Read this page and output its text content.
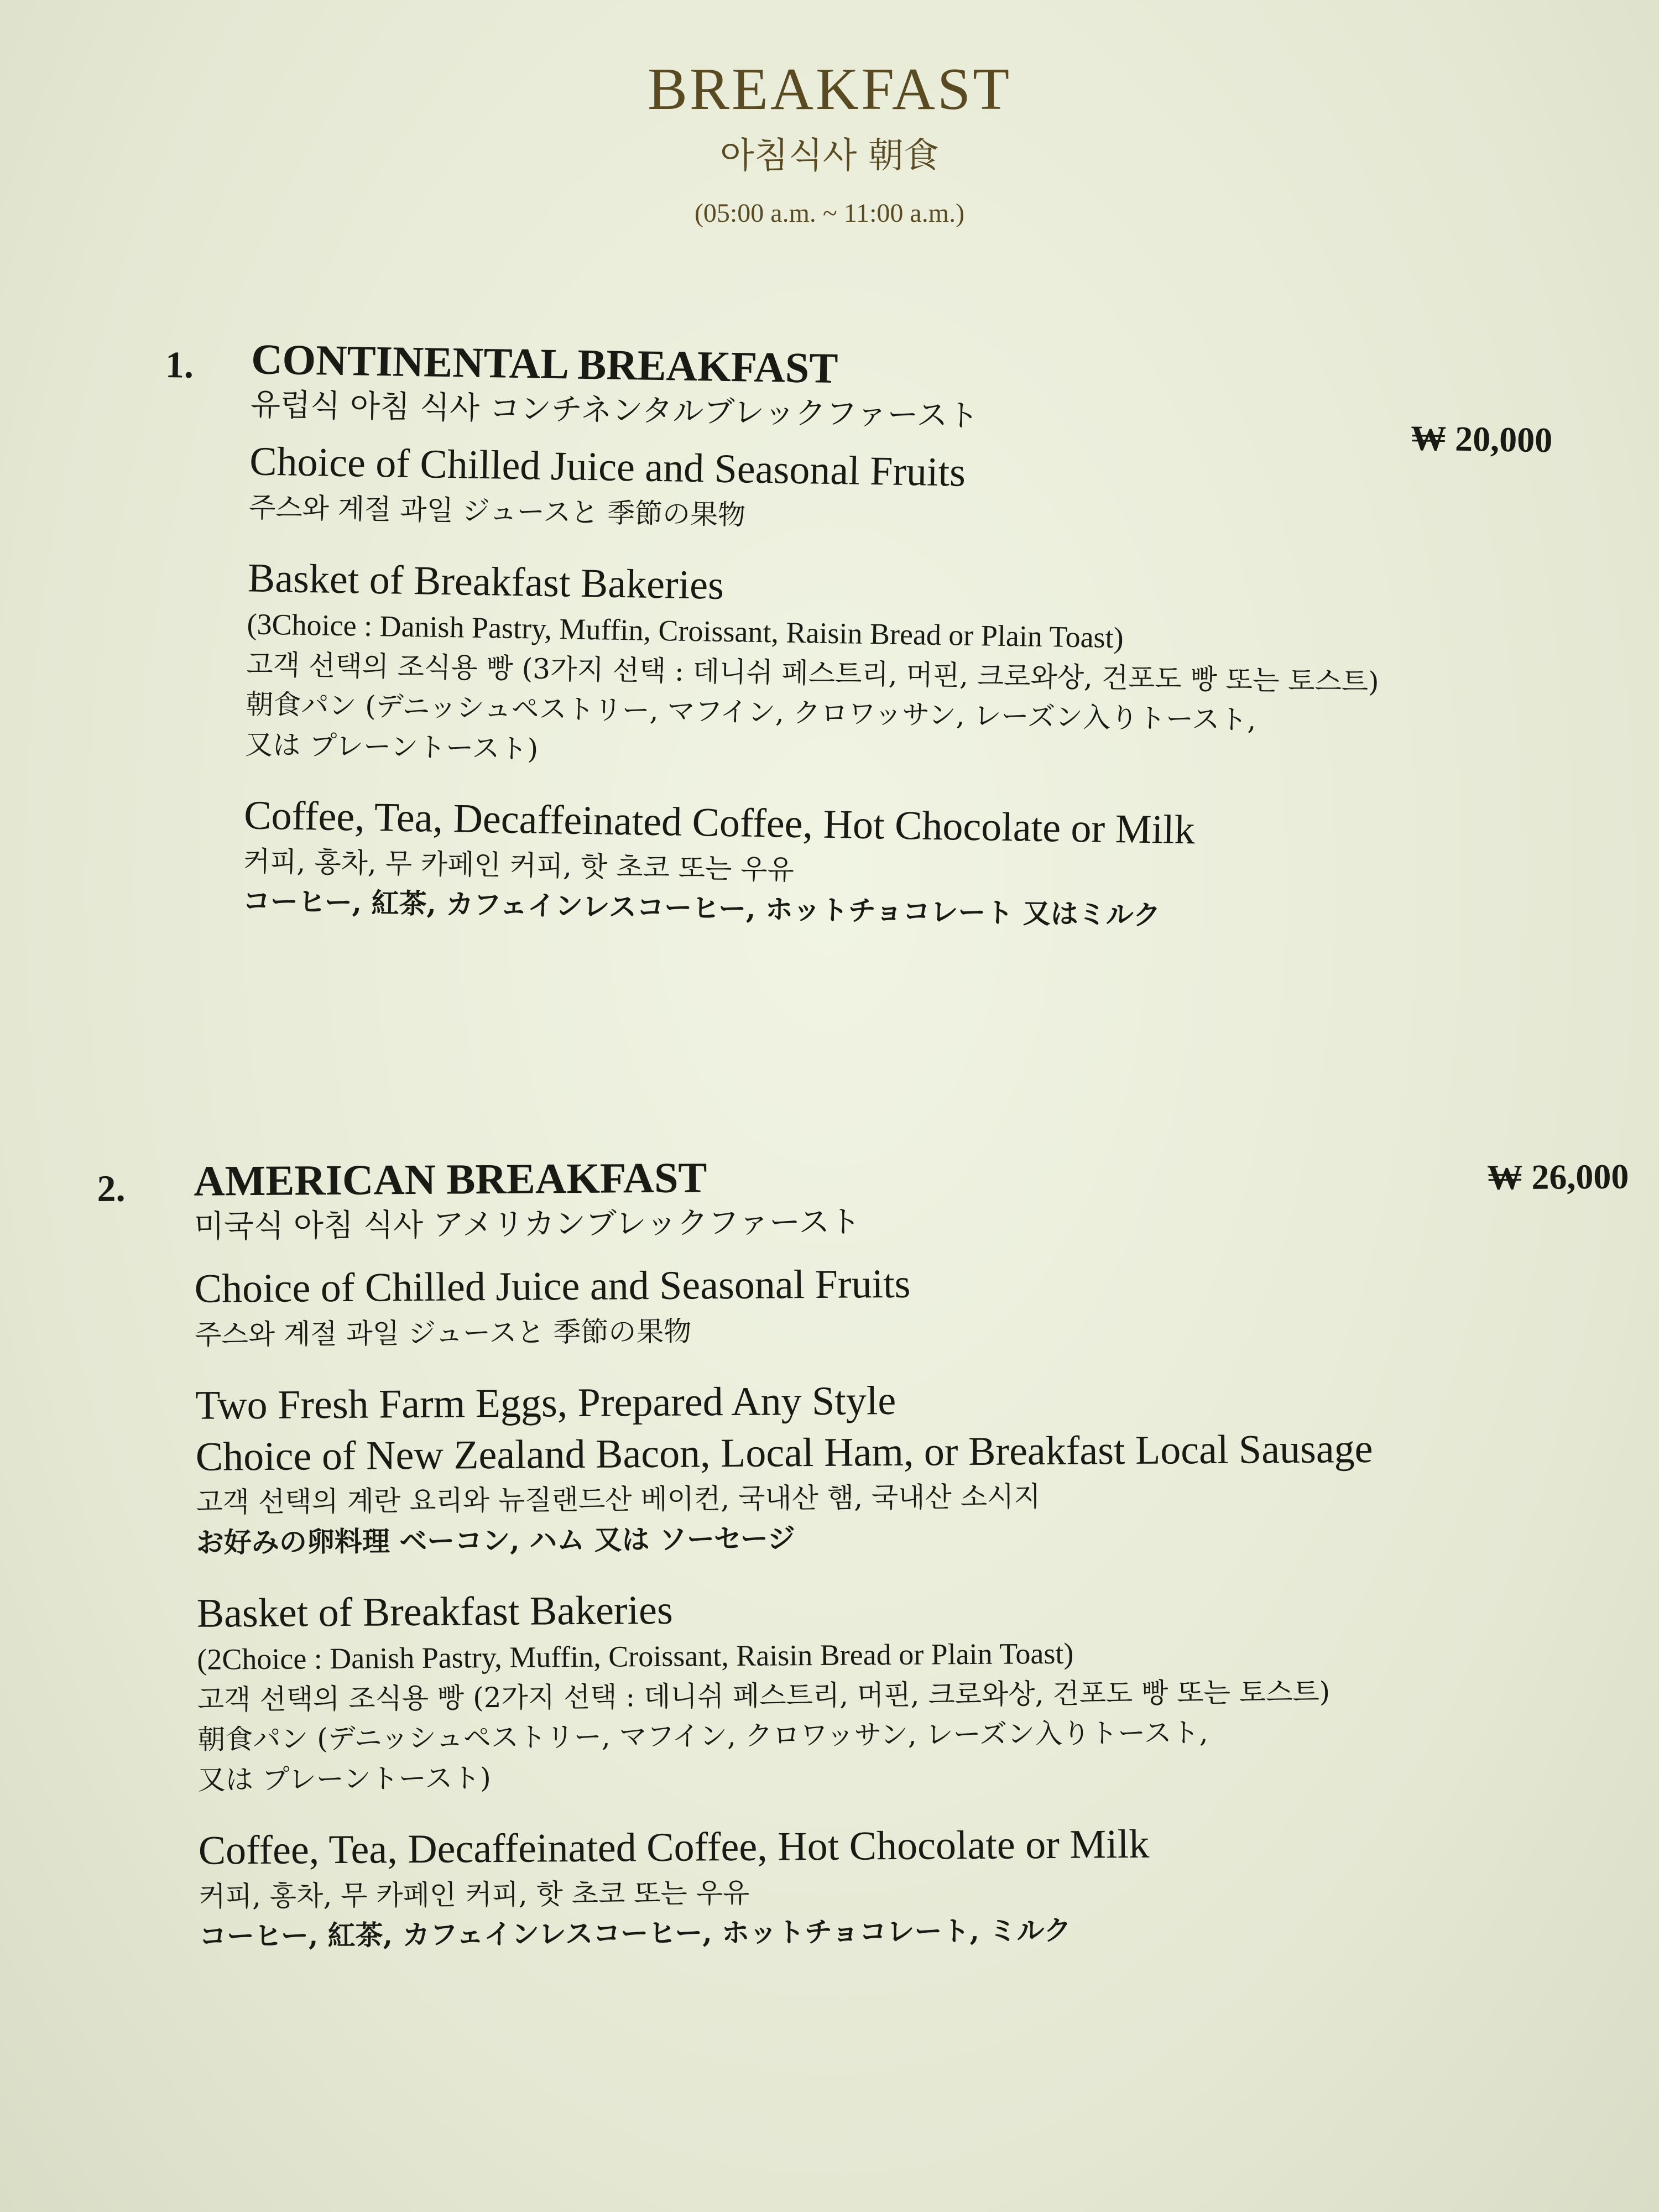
BREAKFAST
아침식사 朝食
(05:00 a.m. ~ 11:00 a.m.)
1.
₩ 20,000
CONTINENTAL BREAKFAST
유럽식 아침 식사 コンチネンタルブレックファースト
Choice of Chilled Juice and Seasonal Fruits
주스와 계절 과일 ジュースと 季節の果物
Basket of Breakfast Bakeries
(3Choice : Danish Pastry, Muffin, Croissant, Raisin Bread or Plain Toast)
고객 선택의 조식용 빵 (3가지 선택 : 데니쉬 페스트리, 머핀, 크로와상, 건포도 빵 또는 토스트)
朝食パン (デニッシュペストリー, マフイン, クロワッサン, レーズン入りトースト,
又は プレーントースト)
Coffee, Tea, Decaffeinated Coffee, Hot Chocolate or Milk
커피, 홍차, 무 카페인 커피, 핫 초코 또는 우유
コーヒー, 紅茶, カフェインレスコーヒー, ホットチョコレート 又はミルク
2.	₩ 26,000
AMERICAN BREAKFAST
미국식 아침 식사 アメリカンブレックファースト
Choice of Chilled Juice and Seasonal Fruits
주스와 계절 과일 ジュースと 季節の果物
Two Fresh Farm Eggs, Prepared Any Style
Choice of New Zealand Bacon, Local Ham, or Breakfast Local Sausage
고객 선택의 계란 요리와 뉴질랜드산 베이컨, 국내산 햄, 국내산 소시지
お好みの卵料理 ベーコン, ハム 又は ソーセージ
Basket of Breakfast Bakeries
(2Choice : Danish Pastry, Muffin, Croissant, Raisin Bread or Plain Toast)
고객 선택의 조식용 빵 (2가지 선택 : 데니쉬 페스트리, 머핀, 크로와상, 건포도 빵 또는 토스트)
朝食パン (デニッシュペストリー, マフイン, クロワッサン, レーズン入りトースト,
又は プレーントースト)
Coffee, Tea, Decaffeinated Coffee, Hot Chocolate or Milk
커피, 홍차, 무 카페인 커피, 핫 초코 또는 우유
コーヒー, 紅茶, カフェインレスコーヒー, ホットチョコレート, ミルク
